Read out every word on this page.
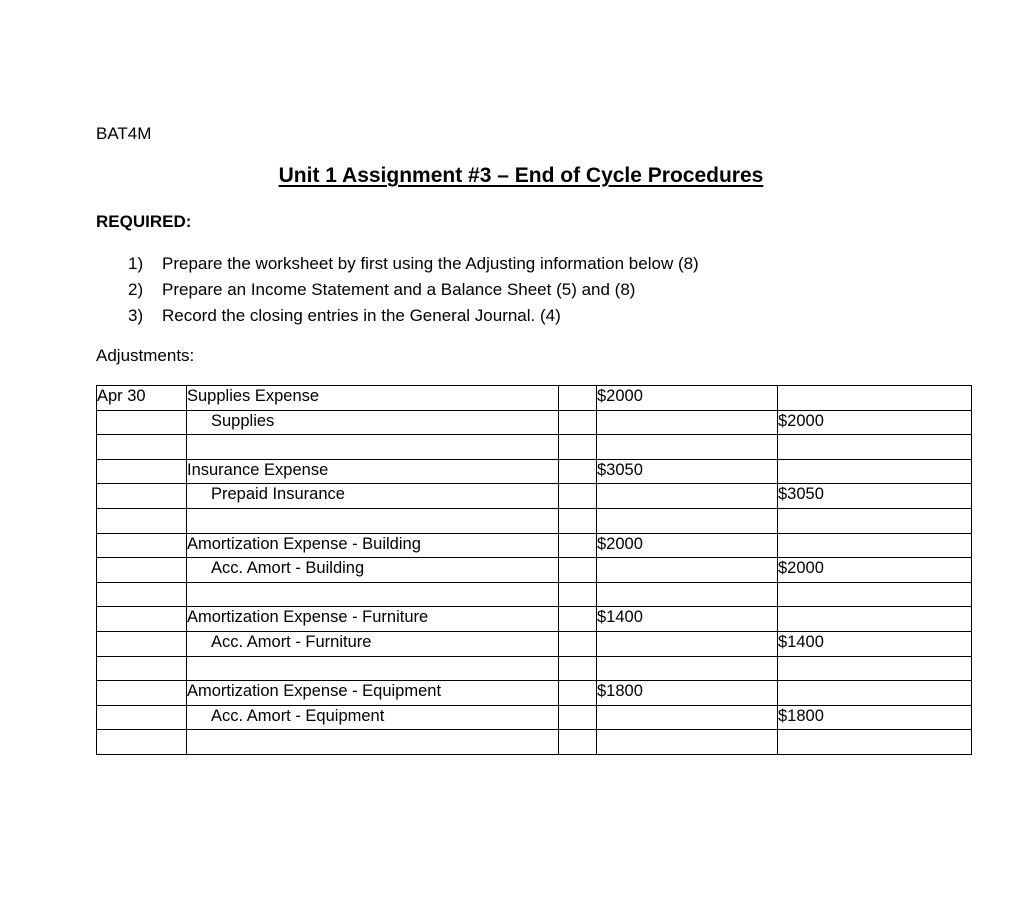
BAT4M
Unit 1 Assignment #3 – End of Cycle Procedures
REQUIRED:
1)	Prepare the worksheet by first using the Adjusting information below (8)
2)	Prepare an Income Statement and a Balance Sheet (5) and (8)
3)	Record the closing entries in the General Journal. (4)
Adjustments:
Apr 30	Supplies Expense		$2000	
	Supplies			$2000

	Insurance Expense		$3050	
	Prepaid Insurance			$3050

	Amortization Expense - Building		$2000	
	Acc. Amort - Building			$2000

	Amortization Expense - Furniture		$1400	
	Acc. Amort - Furniture			$1400

	Amortization Expense - Equipment		$1800	
	Acc. Amort - Equipment			$1800
